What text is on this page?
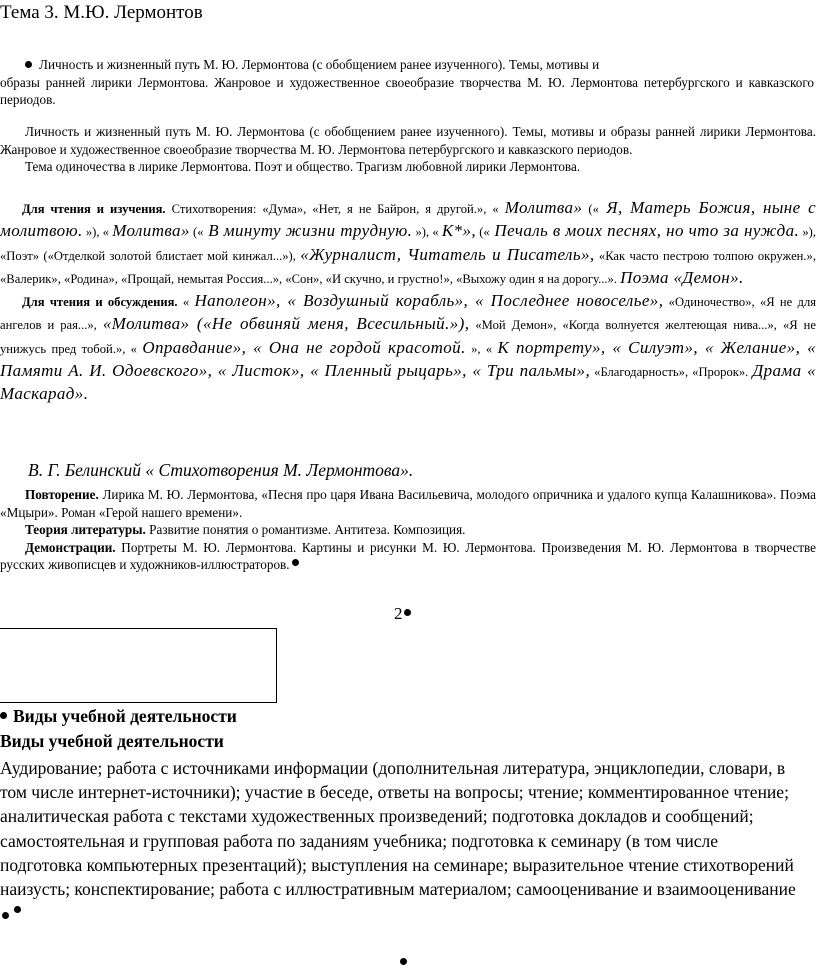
Тема 3. М.Ю. Лермонтов

Личность и жизненный путь М. Ю. Лермонтова (с обобщением ранее изученного). Темы, мотивы и

образы ранней лирики Лермонтова. Жанровое и художественное своеобразие творчества М. Ю. Лермонтова петербургского и кавказского периодов.

Личность и жизненный путь М. Ю. Лермонтова (с обобщением ранее изученного). Темы, мотивы и образы ранней лирики Лермонтова. Жанровое и художественное своеобразие творчества М. Ю. Лермонтова петербургского и кавказского периодов.

Тема одиночества в лирике Лермонтова. Поэт и общество. Трагизм любовной лирики Лермонтова.

Для чтения и изучения. Стихотворения: «Дума», «Нет, я не Байрон, я другой.», « Молитва» (« Я, Матерь Божия, ныне с молитвою. »), « Молитва» (« В минуту жизни трудную. »), « К*», (« Печаль в моих песнях, но что за нужда. »), «Поэт» («Отделкой золотой блистает мой кинжал...»), «Журналист, Читатель и Писатель», «Как часто пестрою толпою окружен.», «Валерик», «Родина», «Прощай, немытая Россия...», «Сон», «И скучно, и грустно!», «Выхожу один я на дорогу...». Поэма «Демон».

Для чтения и обсуждения. « Наполеон», « Воздушный корабль», « Последнее новоселье», «Одиночество», «Я не для ангелов и рая...», «Молитва» («Не обвиняй меня, Всесильный.»), «Мой Демон», «Когда волнуется желтеющая нива...», «Я не унижусь пред тобой.», « Оправдание», « Она не гордой красотой. », « К портрету», « Силуэт», « Желание», « Памяти А. И. Одоевского», « Листок», « Пленный рыцарь», « Три пальмы», «Благодарность», «Пророк». Драма « Маскарад».

В. Г. Белинский « Стихотворения М. Лермонтова».

Повторение. Лирика М. Ю. Лермонтова, «Песня про царя Ивана Васильевича, молодого опричника и удалого купца Калашникова». Поэма «Мцыри». Роман «Герой нашего времени».

Теория литературы. Развитие понятия о романтизме. Антитеза. Композиция.

Демонстрации. Портреты М. Ю. Лермонтова. Картины и рисунки М. Ю. Лермонтова. Произведения М. Ю. Лермонтова в творчестве русских живописцев и художников-иллюстраторов.

2
Виды учебной деятельности
Виды учебной деятельности
Аудирование; работа с источниками информации (дополнительная литература, энциклопедии, словари, в том числе интернет-источники); участие в беседе, ответы на вопросы; чтение; комментированное чтение; аналитическая работа с текстами художественных произведений; подготовка докладов и сообщений; самостоятельная и групповая работа по заданиям учебника; подготовка к семинару (в том числе подготовка компьютерных презентаций); выступления на семинаре; выразительное чтение стихотворений наизусть; конспектирование; работа с иллюстративным материалом; самооценивание и взаимооценивание
